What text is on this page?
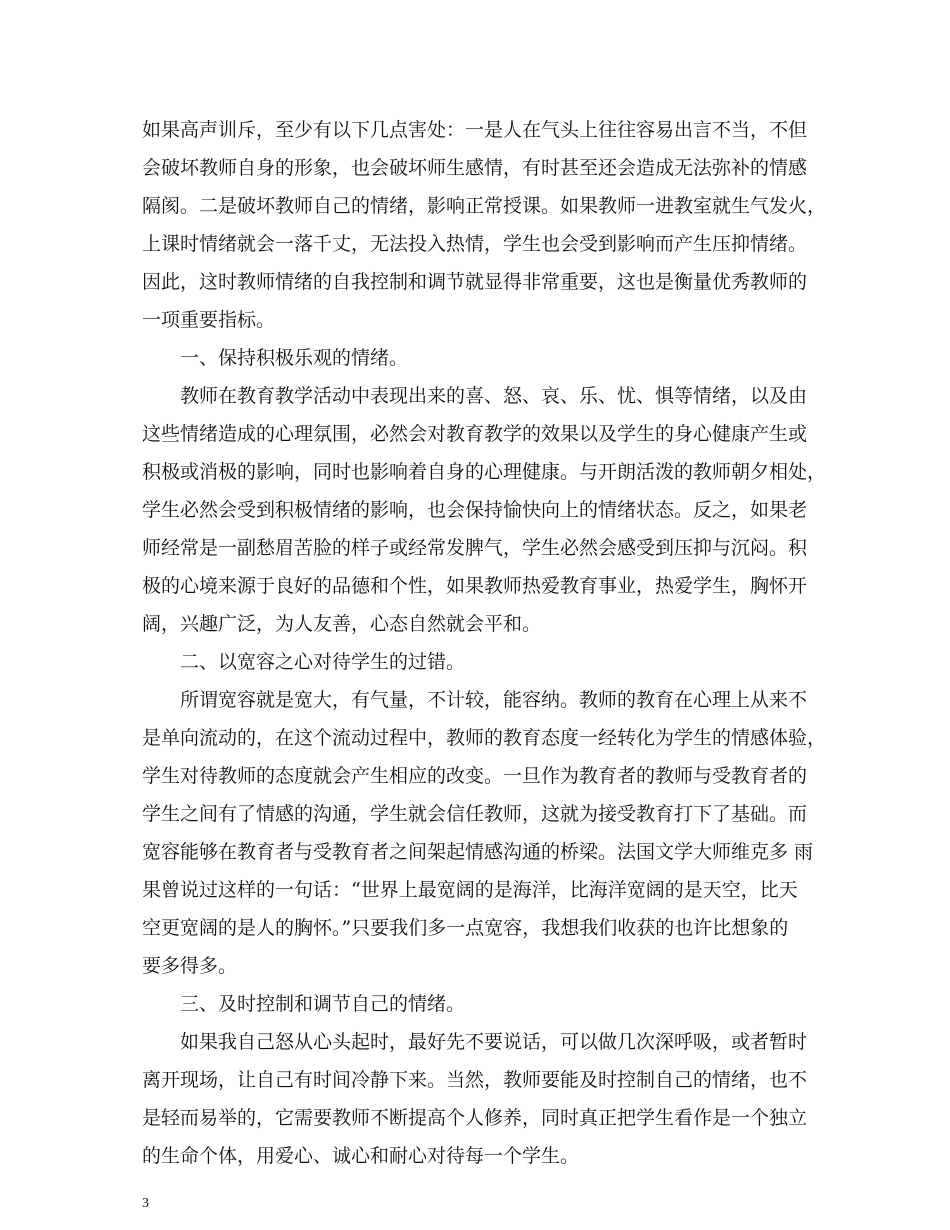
如果高声训斥，至少有以下几点害处：一是人在气头上往往容易出言不当，不但
会破坏教师自身的形象，也会破坏师生感情，有时甚至还会造成无法弥补的情感
隔阂。二是破坏教师自己的情绪，影响正常授课。如果教师一进教室就生气发火，
上课时情绪就会一落千丈，无法投入热情，学生也会受到影响而产生压抑情绪。
因此，这时教师情绪的自我控制和调节就显得非常重要，这也是衡量优秀教师的
一项重要指标。
一、保持积极乐观的情绪。
教师在教育教学活动中表现出来的喜、怒、哀、乐、忧、惧等情绪，以及由
这些情绪造成的心理氛围，必然会对教育教学的效果以及学生的身心健康产生或
积极或消极的影响，同时也影响着自身的心理健康。与开朗活泼的教师朝夕相处，
学生必然会受到积极情绪的影响，也会保持愉快向上的情绪状态。反之，如果老
师经常是一副愁眉苦脸的样子或经常发脾气，学生必然会感受到压抑与沉闷。积
极的心境来源于良好的品德和个性，如果教师热爱教育事业，热爱学生，胸怀开
阔，兴趣广泛，为人友善，心态自然就会平和。
二、以宽容之心对待学生的过错。
所谓宽容就是宽大，有气量，不计较，能容纳。教师的教育在心理上从来不
是单向流动的，在这个流动过程中，教师的教育态度一经转化为学生的情感体验，
学生对待教师的态度就会产生相应的改变。一旦作为教育者的教师与受教育者的
学生之间有了情感的沟通，学生就会信任教师，这就为接受教育打下了基础。而
宽容能够在教育者与受教育者之间架起情感沟通的桥梁。法国文学大师维克多 雨
果曾说过这样的一句话：“世界上最宽阔的是海洋，比海洋宽阔的是天空，比天
空更宽阔的是人的胸怀。”只要我们多一点宽容，我想我们收获的也许比想象的
要多得多。
三、及时控制和调节自己的情绪。
如果我自己怒从心头起时，最好先不要说话，可以做几次深呼吸，或者暂时
离开现场，让自己有时间冷静下来。当然，教师要能及时控制自己的情绪，也不
是轻而易举的，它需要教师不断提高个人修养，同时真正把学生看作是一个独立
的生命个体，用爱心、诚心和耐心对待每一个学生。
3
